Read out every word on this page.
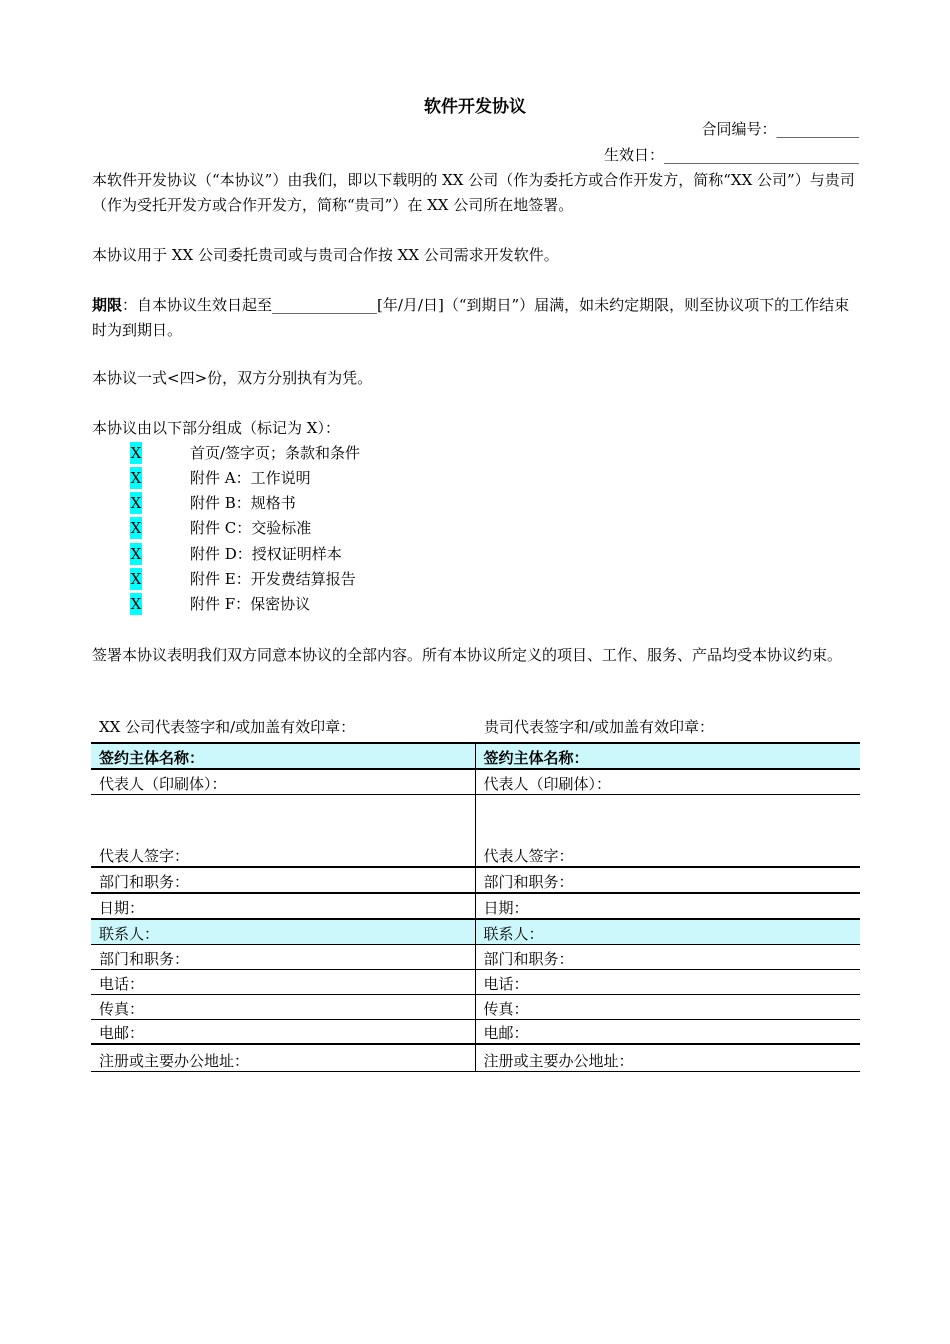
软件开发协议
合同编号：___________
生效日：__________________________
本软件开发协议（“本协议”）由我们，即以下载明的 XX 公司（作为委托方或合作开发方，简称“XX 公司”）与贵司（作为受托开发方或合作开发方，简称“贵司”）在 XX 公司所在地签署。
本协议用于 XX 公司委托贵司或与贵司合作按 XX 公司需求开发软件。
期限：自本协议生效日起至______________[年/月/日]（“到期日”）届满，如未约定期限，则至协议项下的工作结束时为到期日。
本协议一式<四>份，双方分别执有为凭。
本协议由以下部分组成（标记为 X）：
X	首页/签字页；条款和条件
X	附件 A：工作说明
X	附件 B：规格书
X	附件 C：交验标准
X	附件 D：授权证明样本
X	附件 E：开发费结算报告
X	附件 F：保密协议
签署本协议表明我们双方同意本协议的全部内容。所有本协议所定义的项目、工作、服务、产品均受本协议约束。
XX 公司代表签字和/或加盖有效印章：	贵司代表签字和/或加盖有效印章：
签约主体名称：	签约主体名称：
代表人（印刷体）：	代表人（印刷体）：
代表人签字：	代表人签字：
部门和职务：	部门和职务：
日期：	日期：
联系人：	联系人：
部门和职务：	部门和职务：
电话：	电话：
传真：	传真：
电邮：	电邮：
注册或主要办公地址：	注册或主要办公地址：
